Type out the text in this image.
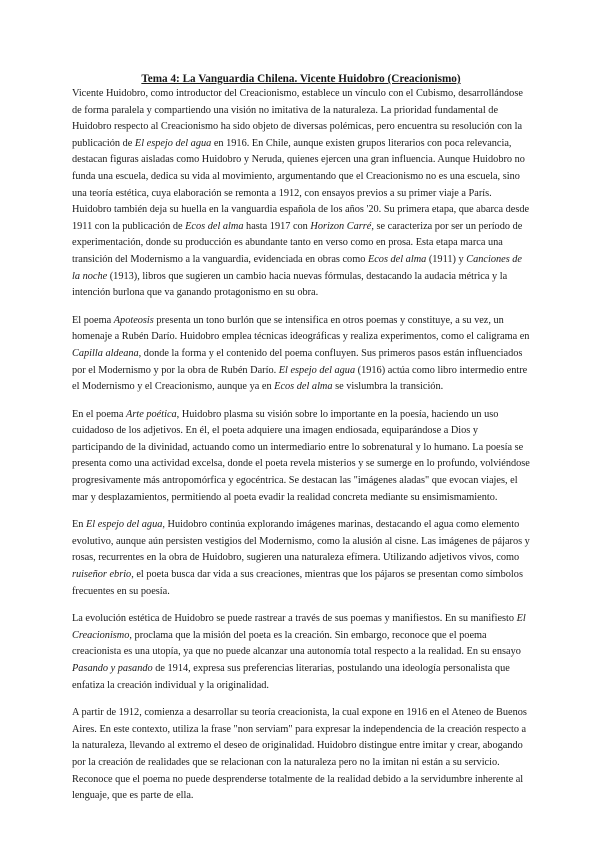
Tema 4: La Vanguardia Chilena. Vicente Huidobro (Creacionismo)

Vicente Huidobro, como introductor del Creacionismo, establece un vínculo con el Cubismo, desarrollándose de forma paralela y compartiendo una visión no imitativa de la naturaleza. La prioridad fundamental de Huidobro respecto al Creacionismo ha sido objeto de diversas polémicas, pero encuentra su resolución con la publicación de El espejo del agua en 1916. En Chile, aunque existen grupos literarios con poca relevancia, destacan figuras aisladas como Huidobro y Neruda, quienes ejercen una gran influencia. Aunque Huidobro no funda una escuela, dedica su vida al movimiento, argumentando que el Creacionismo no es una escuela, sino una teoría estética, cuya elaboración se remonta a 1912, con ensayos previos a su primer viaje a París. Huidobro también deja su huella en la vanguardia española de los años '20. Su primera etapa, que abarca desde 1911 con la publicación de Ecos del alma hasta 1917 con Horizon Carré, se caracteriza por ser un período de experimentación, donde su producción es abundante tanto en verso como en prosa. Esta etapa marca una transición del Modernismo a la vanguardia, evidenciada en obras como Ecos del alma (1911) y Canciones de la noche (1913), libros que sugieren un cambio hacia nuevas fórmulas, destacando la audacia métrica y la intención burlona que va ganando protagonismo en su obra.

El poema Apoteosis presenta un tono burlón que se intensifica en otros poemas y constituye, a su vez, un homenaje a Rubén Darío. Huidobro emplea técnicas ideográficas y realiza experimentos, como el caligrama en Capilla aldeana, donde la forma y el contenido del poema confluyen. Sus primeros pasos están influenciados por el Modernismo y por la obra de Rubén Darío. El espejo del agua (1916) actúa como libro intermedio entre el Modernismo y el Creacionismo, aunque ya en Ecos del alma se vislumbra la transición.

En el poema Arte poética, Huidobro plasma su visión sobre lo importante en la poesía, haciendo un uso cuidadoso de los adjetivos. En él, el poeta adquiere una imagen endiosada, equiparándose a Dios y participando de la divinidad, actuando como un intermediario entre lo sobrenatural y lo humano. La poesía se presenta como una actividad excelsa, donde el poeta revela misterios y se sumerge en lo profundo, volviéndose progresivamente más antropomórfica y egocéntrica. Se destacan las "imágenes aladas" que evocan viajes, el mar y desplazamientos, permitiendo al poeta evadir la realidad concreta mediante su ensimismamiento.

En El espejo del agua, Huidobro continúa explorando imágenes marinas, destacando el agua como elemento evolutivo, aunque aún persisten vestigios del Modernismo, como la alusión al cisne. Las imágenes de pájaros y rosas, recurrentes en la obra de Huidobro, sugieren una naturaleza efímera. Utilizando adjetivos vivos, como ruiseñor ebrio, el poeta busca dar vida a sus creaciones, mientras que los pájaros se presentan como símbolos frecuentes en su poesía.

La evolución estética de Huidobro se puede rastrear a través de sus poemas y manifiestos. En su manifiesto El Creacionismo, proclama que la misión del poeta es la creación. Sin embargo, reconoce que el poema creacionista es una utopía, ya que no puede alcanzar una autonomía total respecto a la realidad. En su ensayo Pasando y pasando de 1914, expresa sus preferencias literarias, postulando una ideología personalista que enfatiza la creación individual y la originalidad.

A partir de 1912, comienza a desarrollar su teoría creacionista, la cual expone en 1916 en el Ateneo de Buenos Aires. En este contexto, utiliza la frase "non serviam" para expresar la independencia de la creación respecto a la naturaleza, llevando al extremo el deseo de originalidad. Huidobro distingue entre imitar y crear, abogando por la creación de realidades que se relacionan con la naturaleza pero no la imitan ni están a su servicio. Reconoce que el poema no puede desprenderse totalmente de la realidad debido a la servidumbre inherente al lenguaje, que es parte de ella.
